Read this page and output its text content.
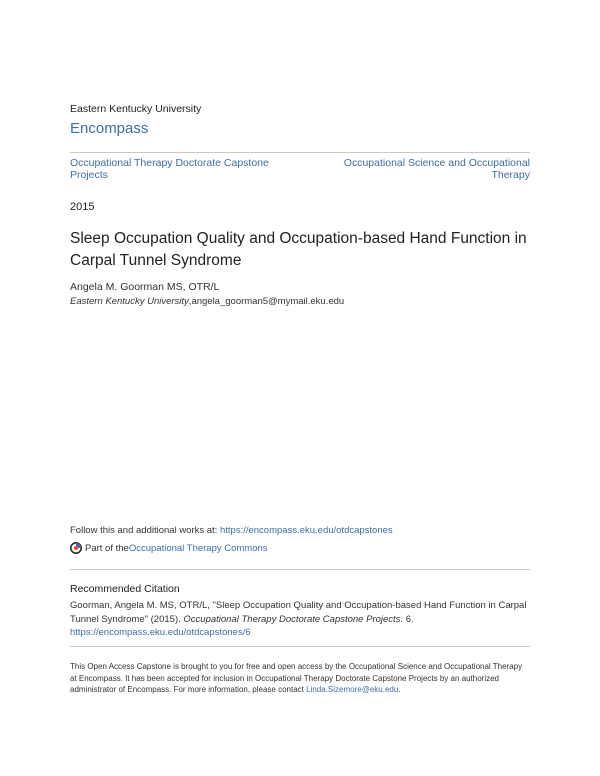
Eastern Kentucky University
Encompass
Occupational Therapy Doctorate Capstone Projects
Occupational Science and Occupational Therapy
2015
Sleep Occupation Quality and Occupation-based Hand Function in Carpal Tunnel Syndrome
Angela M. Goorman MS, OTR/L
Eastern Kentucky University,angela_goorman5@mymail.eku.edu
Follow this and additional works at: https://encompass.eku.edu/otdcapstones
Part of the Occupational Therapy Commons
Recommended Citation
Goorman, Angela M. MS, OTR/L, "Sleep Occupation Quality and Occupation-based Hand Function in Carpal Tunnel Syndrome" (2015). Occupational Therapy Doctorate Capstone Projects. 6.
https://encompass.eku.edu/otdcapstones/6
This Open Access Capstone is brought to you for free and open access by the Occupational Science and Occupational Therapy at Encompass. It has been accepted for inclusion in Occupational Therapy Doctorate Capstone Projects by an authorized administrator of Encompass. For more information, please contact Linda.Sizemore@eku.edu.
